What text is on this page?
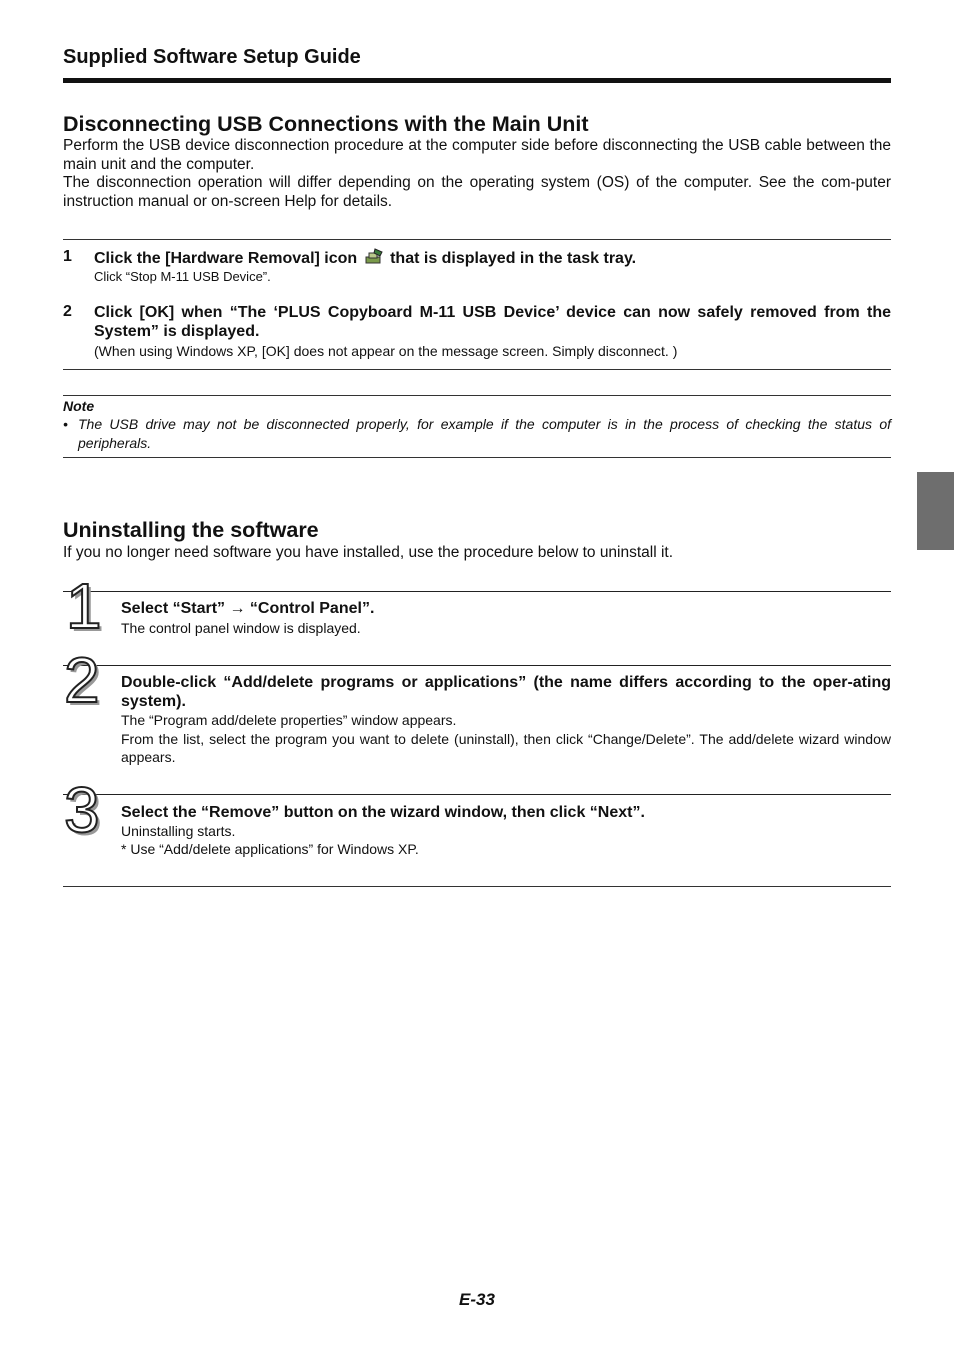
Supplied Software Setup Guide
Disconnecting USB Connections with the Main Unit
Perform the USB device disconnection procedure at the computer side before disconnecting the USB cable between the main unit and the computer.
The disconnection operation will differ depending on the operating system (OS) of the computer. See the com-puter instruction manual or on-screen Help for details.
1 Click the [Hardware Removal] icon that is displayed in the task tray.
Click “Stop M-11 USB Device”.
2 Click [OK] when “The ‘PLUS Copyboard M-11 USB Device’ device can now safely removed from the System” is displayed.
(When using Windows XP, [OK] does not appear on the message screen. Simply disconnect. )
Note
• The USB drive may not be disconnected properly, for example if the computer is in the process of checking the status of peripherals.
Uninstalling the software
If you no longer need software you have installed, use the procedure below to uninstall it.
1 Select “Start” → “Control Panel”.
The control panel window is displayed.
2 Double-click “Add/delete programs or applications” (the name differs according to the oper-ating system).
The “Program add/delete properties” window appears.
From the list, select the program you want to delete (uninstall), then click “Change/Delete”. The add/delete wizard window appears.
3 Select the “Remove” button on the wizard window, then click “Next”.
Uninstalling starts.
* Use “Add/delete applications” for Windows XP.
E-33
